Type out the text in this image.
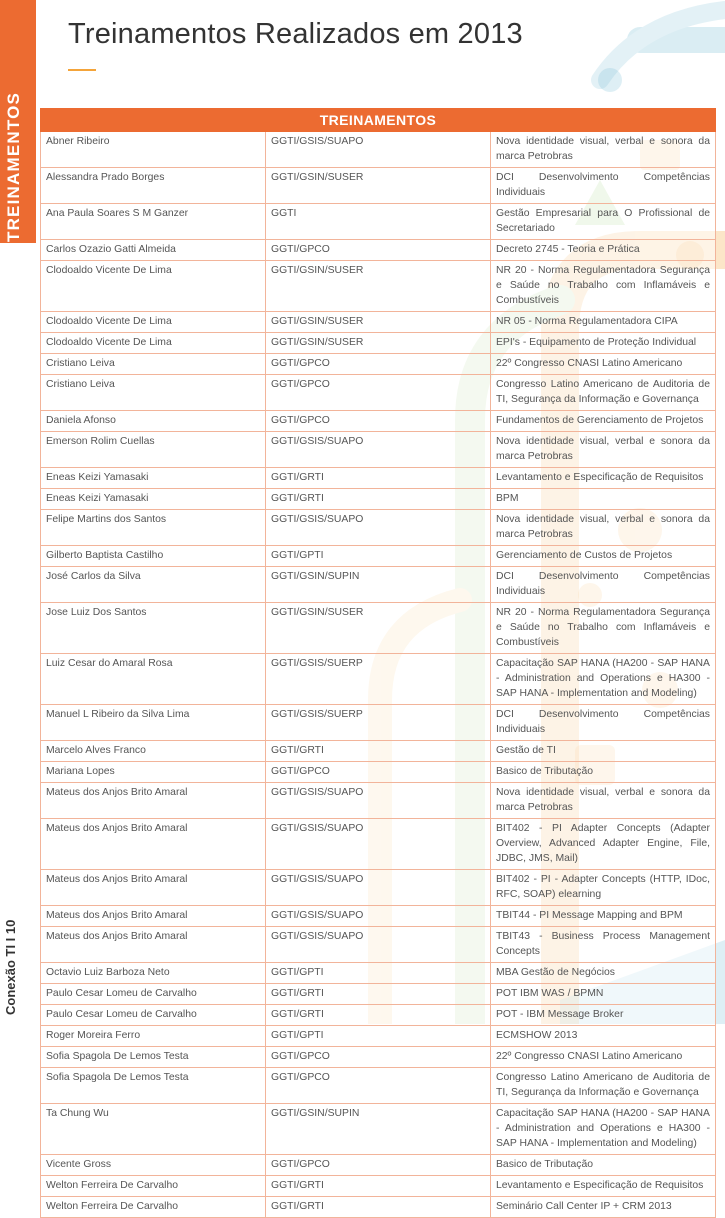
TREINAMENTOS
Conexão TI I 10
Treinamentos Realizados em 2013
TREINAMENTOS		
Abner Ribeiro	GGTI/GSIS/SUAPO	Nova identidade visual, verbal e sonora da marca Petrobras
Alessandra Prado Borges	GGTI/GSIN/SUSER	DCI Desenvolvimento Competências Individuais
Ana Paula Soares S M Ganzer	GGTI	Gestão Empresarial para O Profissional de Secretariado
Carlos Ozazio Gatti Almeida	GGTI/GPCO	Decreto 2745 - Teoria e Prática
Clodoaldo Vicente De Lima	GGTI/GSIN/SUSER	NR 20 - Norma Regulamentadora Segurança e Saúde no Trabalho com Inflamáveis e Combustíveis
Clodoaldo Vicente De Lima	GGTI/GSIN/SUSER	NR 05 - Norma Regulamentadora CIPA
Clodoaldo Vicente De Lima	GGTI/GSIN/SUSER	EPI's - Equipamento de Proteção Individual
Cristiano Leiva	GGTI/GPCO	22º Congresso CNASI Latino Americano
Cristiano Leiva	GGTI/GPCO	Congresso Latino Americano de Auditoria de TI, Segurança da Informação e Governança
Daniela Afonso	GGTI/GPCO	Fundamentos de Gerenciamento de Projetos
Emerson Rolim Cuellas	GGTI/GSIS/SUAPO	Nova identidade visual, verbal e sonora da marca Petrobras
Eneas Keizi Yamasaki	GGTI/GRTI	Levantamento e Especificação de Requisitos
Eneas Keizi Yamasaki	GGTI/GRTI	BPM
Felipe Martins dos Santos	GGTI/GSIS/SUAPO	Nova identidade visual, verbal e sonora da marca Petrobras
Gilberto Baptista Castilho	GGTI/GPTI	Gerenciamento de Custos de Projetos
José Carlos da Silva	GGTI/GSIN/SUPIN	DCI Desenvolvimento Competências Individuais
Jose Luiz Dos Santos	GGTI/GSIN/SUSER	NR 20 - Norma Regulamentadora Segurança e Saúde no Trabalho com Inflamáveis e Combustíveis
Luiz Cesar do Amaral Rosa	GGTI/GSIS/SUERP	Capacitação SAP HANA (HA200 - SAP HANA - Administration and Operations e HA300 - SAP HANA - Implementation and Modeling)
Manuel L Ribeiro da Silva Lima	GGTI/GSIS/SUERP	DCI Desenvolvimento Competências Individuais
Marcelo Alves Franco	GGTI/GRTI	Gestão de TI
Mariana Lopes	GGTI/GPCO	Basico de Tributação
Mateus dos Anjos Brito Amaral	GGTI/GSIS/SUAPO	Nova identidade visual, verbal e sonora da marca Petrobras
Mateus dos Anjos Brito Amaral	GGTI/GSIS/SUAPO	BIT402 - PI Adapter Concepts (Adapter Overview, Advanced Adapter Engine, File, JDBC, JMS, Mail)
Mateus dos Anjos Brito Amaral	GGTI/GSIS/SUAPO	BIT402 - PI - Adapter Concepts (HTTP, IDoc, RFC, SOAP) elearning
Mateus dos Anjos Brito Amaral	GGTI/GSIS/SUAPO	TBIT44 - PI Message Mapping and BPM
Mateus dos Anjos Brito Amaral	GGTI/GSIS/SUAPO	TBIT43 - Business Process Management Concepts
Octavio Luiz Barboza Neto	GGTI/GPTI	MBA Gestão de Negócios
Paulo Cesar Lomeu de Carvalho	GGTI/GRTI	POT IBM WAS / BPMN
Paulo Cesar Lomeu de Carvalho	GGTI/GRTI	POT - IBM Message Broker
Roger Moreira Ferro	GGTI/GPTI	ECMSHOW 2013
Sofia Spagola De Lemos Testa	GGTI/GPCO	22º Congresso CNASI Latino Americano
Sofia Spagola De Lemos Testa	GGTI/GPCO	Congresso Latino Americano de Auditoria de TI, Segurança da Informação e Governança
Ta Chung Wu	GGTI/GSIN/SUPIN	Capacitação SAP HANA (HA200 - SAP HANA - Administration and Operations e HA300 - SAP HANA - Implementation and Modeling)
Vicente Gross	GGTI/GPCO	Basico de Tributação
Welton Ferreira De Carvalho	GGTI/GRTI	Levantamento e Especificação de Requisitos
Welton Ferreira De Carvalho	GGTI/GRTI	Seminário Call Center IP + CRM 2013
